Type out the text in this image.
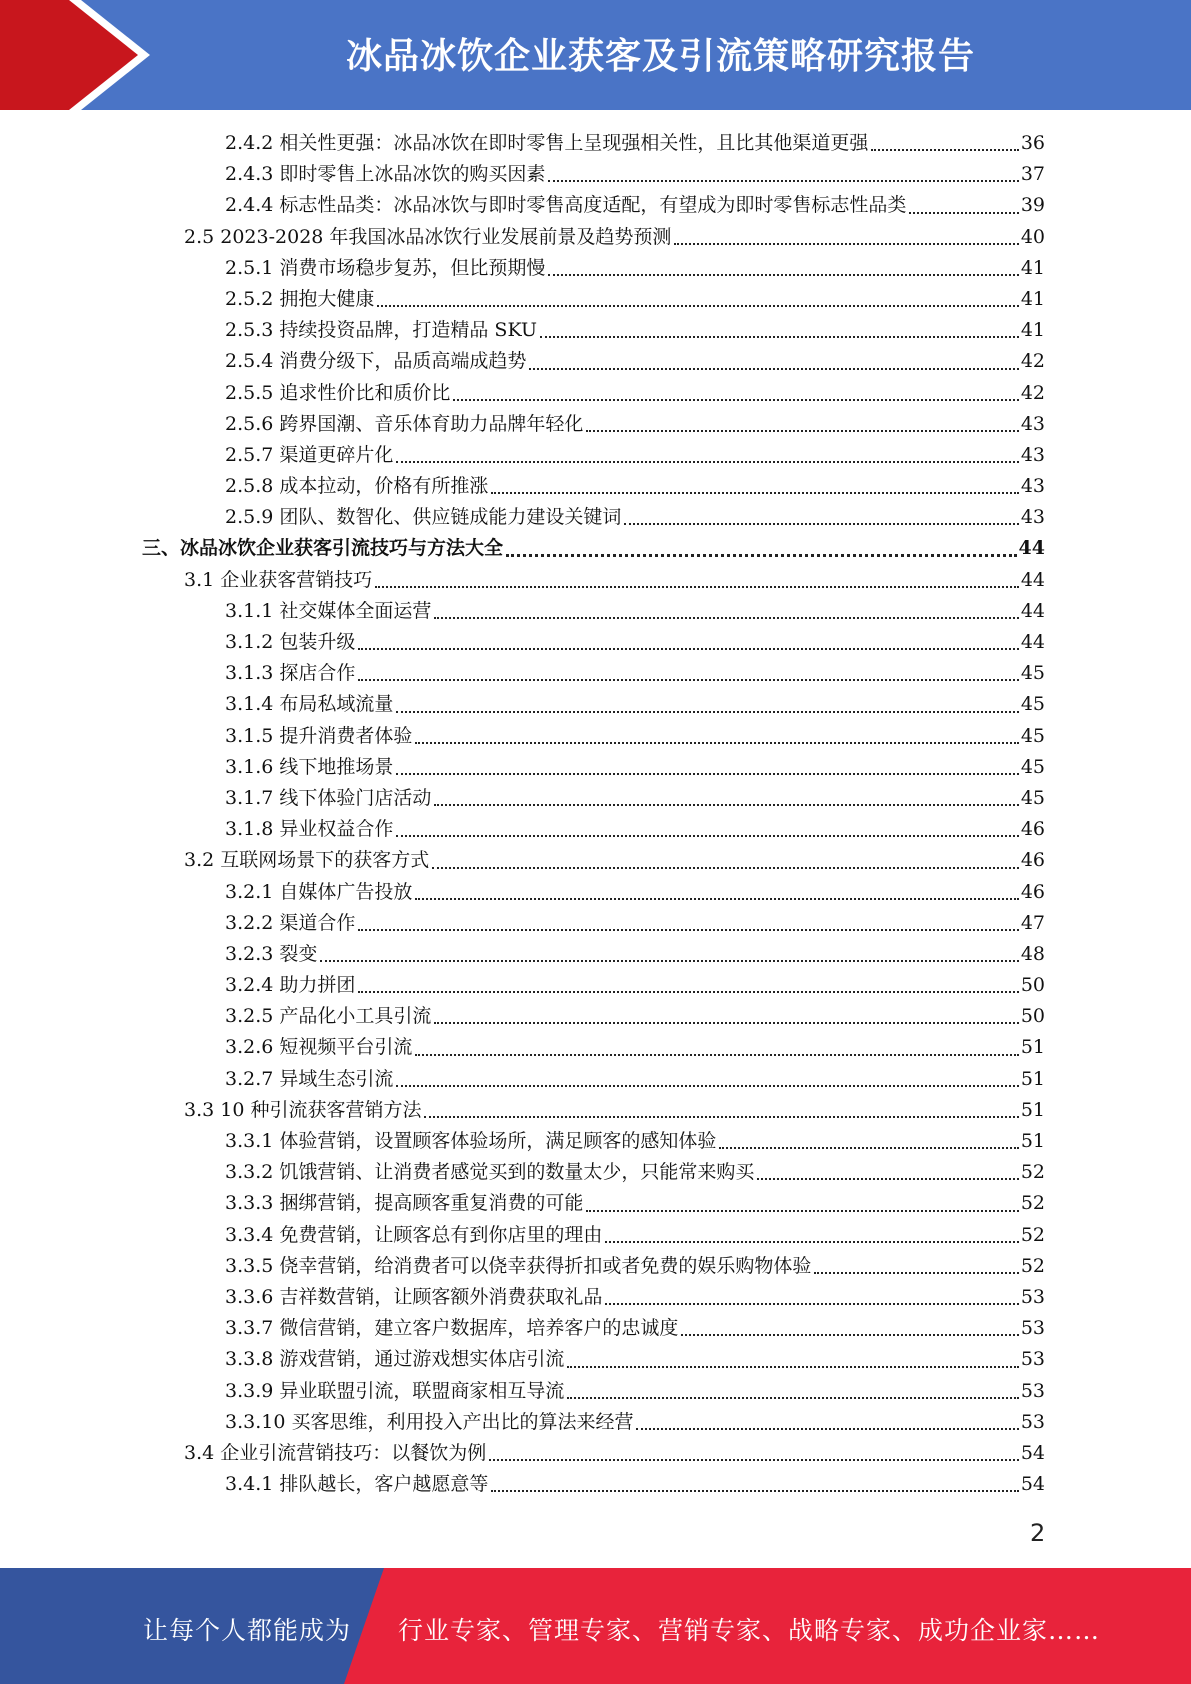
冰品冰饮企业获客及引流策略研究报告
2.4.2 相关性更强：冰品冰饮在即时零售上呈现强相关性，且比其他渠道更强	36
2.4.3 即时零售上冰品冰饮的购买因素	37
2.4.4 标志性品类：冰品冰饮与即时零售高度适配，有望成为即时零售标志性品类	39
2.5 2023-2028 年我国冰品冰饮行业发展前景及趋势预测	40
2.5.1 消费市场稳步复苏，但比预期慢	41
2.5.2 拥抱大健康	41
2.5.3 持续投资品牌，打造精品 SKU	41
2.5.4 消费分级下，品质高端成趋势	42
2.5.5 追求性价比和质价比	42
2.5.6 跨界国潮、音乐体育助力品牌年轻化	43
2.5.7 渠道更碎片化	43
2.5.8 成本拉动，价格有所推涨	43
2.5.9 团队、数智化、供应链成能力建设关键词	43
三、冰品冰饮企业获客引流技巧与方法大全	44
3.1 企业获客营销技巧	44
3.1.1 社交媒体全面运营	44
3.1.2 包装升级	44
3.1.3 探店合作	45
3.1.4 布局私域流量	45
3.1.5 提升消费者体验	45
3.1.6 线下地推场景	45
3.1.7 线下体验门店活动	45
3.1.8 异业权益合作	46
3.2 互联网场景下的获客方式	46
3.2.1 自媒体广告投放	46
3.2.2 渠道合作	47
3.2.3 裂变	48
3.2.4 助力拼团	50
3.2.5 产品化小工具引流	50
3.2.6 短视频平台引流	51
3.2.7 异域生态引流	51
3.3 10 种引流获客营销方法	51
3.3.1 体验营销，设置顾客体验场所，满足顾客的感知体验	51
3.3.2 饥饿营销、让消费者感觉买到的数量太少，只能常来购买	52
3.3.3 捆绑营销，提高顾客重复消费的可能	52
3.3.4 免费营销，让顾客总有到你店里的理由	52
3.3.5 侥幸营销，给消费者可以侥幸获得折扣或者免费的娱乐购物体验	52
3.3.6 吉祥数营销，让顾客额外消费获取礼品	53
3.3.7 微信营销，建立客户数据库，培养客户的忠诚度	53
3.3.8 游戏营销，通过游戏想实体店引流	53
3.3.9 异业联盟引流，联盟商家相互导流	53
3.3.10 买客思维，利用投入产出比的算法来经营	53
3.4 企业引流营销技巧：以餐饮为例	54
3.4.1 排队越长，客户越愿意等	54
2
让每个人都能成为 行业专家、管理专家、营销专家、战略专家、成功企业家……
